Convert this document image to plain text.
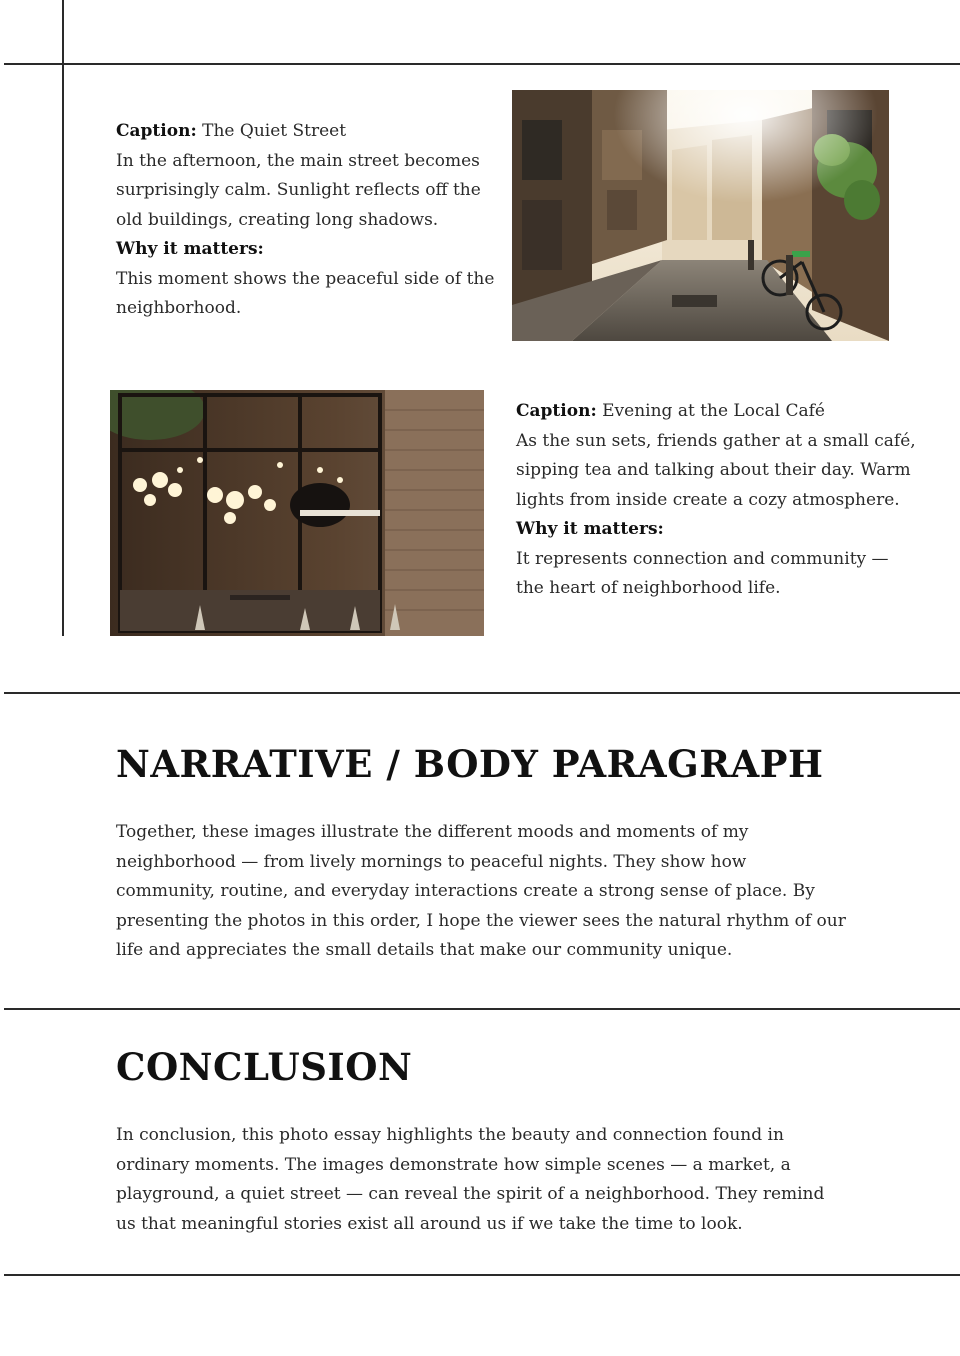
Caption: The Quiet Street

In the afternoon, the main street becomes surprisingly calm. Sunlight reflects off the old buildings, creating long shadows.

Why it matters:

This moment shows the peaceful side of the neighborhood.

Caption: Evening at the Local Café

As the sun sets, friends gather at a small café, sipping tea and talking about their day. Warm lights from inside create a cozy atmosphere.

Why it matters:

It represents connection and community — the heart of neighborhood life.

NARRATIVE / BODY PARAGRAPH

Together, these images illustrate the different moods and moments of my neighborhood — from lively mornings to peaceful nights. They show how community, routine, and everyday interactions create a strong sense of place. By presenting the photos in this order, I hope the viewer sees the natural rhythm of our life and appreciates the small details that make our community unique.

CONCLUSION

In conclusion, this photo essay highlights the beauty and connection found in ordinary moments. The images demonstrate how simple scenes — a market, a playground, a quiet street — can reveal the spirit of a neighborhood. They remind us that meaningful stories exist all around us if we take the time to look.
